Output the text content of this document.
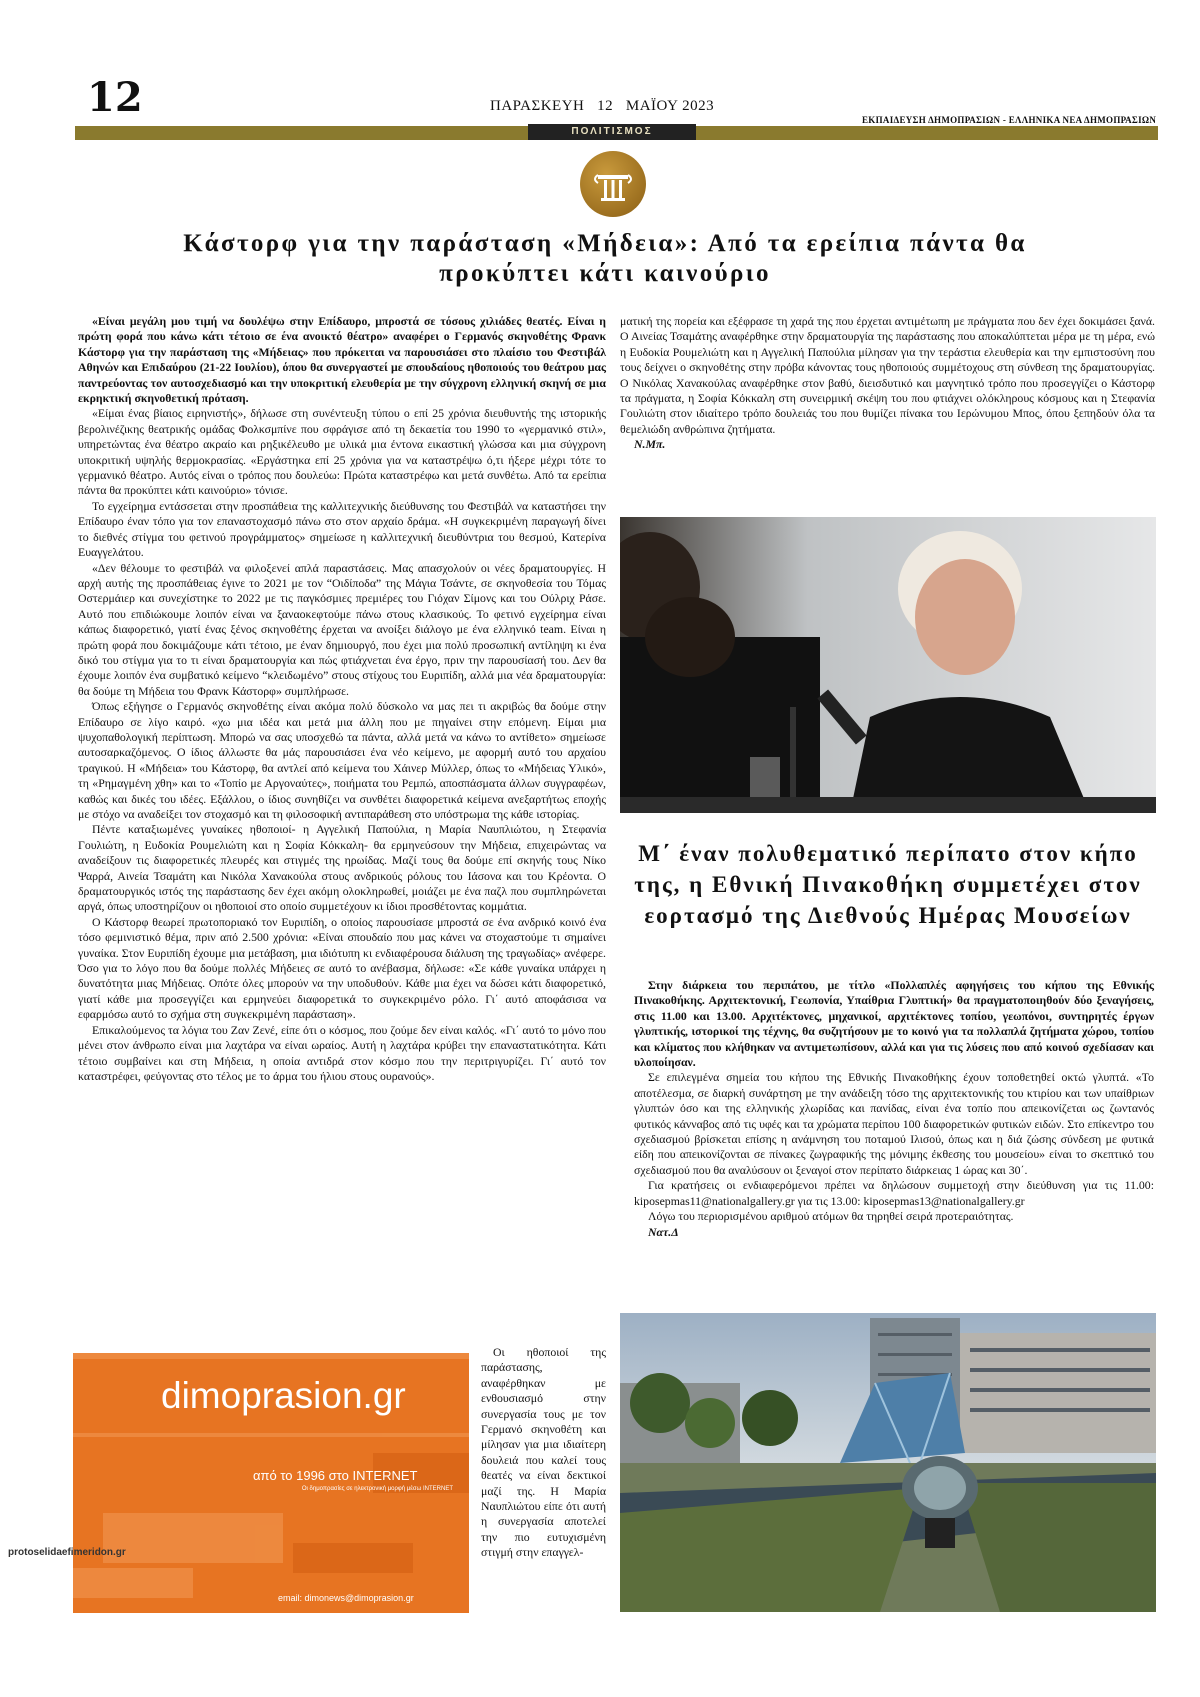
12	ΠΑΡΑΣΚΕΥΗ   12   ΜΑΪΟΥ 2023
ΕΚΠΑΙΔΕΥΣΗ ΔΗΜΟΠΡΑΣΙΩΝ - ΕΛΛΗΝΙΚΑ ΝΕΑ ΔΗΜΟΠΡΑΣΙΩΝ
ΠΟΛΙΤΙΣΜΟΣ
Κάστορφ για την παράσταση «Μήδεια»: Από τα ερείπια πάντα θα προκύπτει κάτι καινούριο

«Είναι μεγάλη μου τιμή να δουλέψω στην Επίδαυρο, μπροστά σε τόσους χιλιάδες θεατές. Είναι η πρώτη φορά που κάνω κάτι τέτοιο σε ένα ανοικτό θέατρο» αναφέρει ο Γερμανός σκηνοθέτης Φρανκ Κάστορφ για την παράσταση της «Μήδειας» που πρόκειται να παρουσιάσει στο πλαίσιο του Φεστιβάλ Αθηνών και Επιδαύρου (21-22 Ιουλίου), όπου θα συνεργαστεί με σπουδαίους ηθοποιούς του θεάτρου μας παντρεύοντας τον αυτοσχεδιασμό και την υποκριτική ελευθερία με την σύγχρονη ελληνική σκηνή σε μια εκρηκτική σκηνοθετική πρόταση.

«Είμαι ένας βίαιος ειρηνιστής», δήλωσε στη συνέντευξη τύπου ο επί 25 χρόνια διευθυντής της ιστορικής βερολινέζικης θεατρικής ομάδας Φολκσμπίνε που σφράγισε από τη δεκαετία του 1990 το «γερμανικό στιλ», υπηρετώντας ένα θέατρο ακραίο και ρηξικέλευθο με υλικά μια έντονα εικαστική γλώσσα και μια σύγχρονη υποκριτική υψηλής θερμοκρασίας. «Εργάστηκα επί 25 χρόνια για να καταστρέψω ό,τι ήξερε μέχρι τότε το γερμανικό θέατρο. Αυτός είναι ο τρόπος που δουλεύω: Πρώτα καταστρέφω και μετά συνθέτω. Από τα ερείπια πάντα θα προκύπτει κάτι καινούριο» τόνισε.

Το εγχείρημα εντάσσεται στην προσπάθεια της καλλιτεχνικής διεύθυνσης του Φεστιβάλ να καταστήσει την Επίδαυρο έναν τόπο για τον επαναστοχασμό πάνω στο στον αρχαίο δράμα. «Η συγκεκριμένη παραγωγή δίνει το διεθνές στίγμα του φετινού προγράμματος» σημείωσε η καλλιτεχνική διευθύντρια του θεσμού, Κατερίνα Ευαγγελάτου.

«Δεν θέλουμε το φεστιβάλ να φιλοξενεί απλά παραστάσεις. Μας απασχολούν οι νέες δραματουργίες. Η αρχή αυτής της προσπάθειας έγινε το 2021 με τον “Οιδίποδα” της Μάγια Τσάντε, σε σκηνοθεσία του Τόμας Οστερμάιερ και συνεχίστηκε το 2022 με τις παγκόσμιες πρεμιέρες του Γιόχαν Σίμονς και του Ούλριχ Ράσε. Αυτό που επιδιώκουμε λοιπόν είναι να ξαναοκεφτούμε πάνω στους κλασικούς. Το φετινό εγχείρημα είναι κάπως διαφορετικό, γιατί ένας ξένος σκηνοθέτης έρχεται να ανοίξει διάλογο με ένα ελληνικό team. Είναι η πρώτη φορά που δοκιμάζουμε κάτι τέτοιο, με έναν δημιουργό, που έχει μια πολύ προσωπική αντίληψη κι ένα δικό του στίγμα για το τι είναι δραματουργία και πώς φτιάχνεται ένα έργο, πριν την παρουσίασή του. Δεν θα έχουμε λοιπόν ένα συμβατικό κείμενο “κλειδωμένο” στους στίχους του Ευριπίδη, αλλά μια νέα δραματουργία: θα δούμε τη Μήδεια του Φρανκ Κάστορφ» συμπλήρωσε.

Όπως εξήγησε ο Γερμανός σκηνοθέτης είναι ακόμα πολύ δύσκολο να μας πει τι ακριβώς θα δούμε στην Επίδαυρο σε λίγο καιρό. «χω μια ιδέα και μετά μια άλλη που με πηγαίνει στην επόμενη. Είμαι μια ψυχοπαθολογική περίπτωση. Μπορώ να σας υποσχεθώ τα πάντα, αλλά μετά να κάνω το αντίθετο» σημείωσε αυτοσαρκαζόμενος. Ο ίδιος άλλωστε θα μάς παρουσιάσει ένα νέο κείμενο, με αφορμή αυτό του αρχαίου τραγικού. Η «Μήδεια» του Κάστορφ, θα αντλεί από κείμενα του Χάινερ Μύλλερ, όπως το «Μήδειας Υλικό», τη «Ρημαγμένη χθη» και το «Τοπίο με Αργοναύτες», ποιήματα του Ρεμπώ, αποσπάσματα άλλων συγγραφέων, καθώς και δικές του ιδέες. Εξάλλου, ο ίδιος συνηθίζει να συνθέτει διαφορετικά κείμενα ανεξαρτήτως εποχής με στόχο να αναδείξει τον στοχασμό και τη φιλοσοφική αντιπαράθεση στο υπόστρωμα της κάθε ιστορίας.

Πέντε καταξιωμένες γυναίκες ηθοποιοί- η Αγγελική Παπούλια, η Μαρία Ναυπλιώτου, η Στεφανία Γουλιώτη, η Ευδοκία Ρουμελιώτη και η Σοφία Κόκκαλη- θα ερμηνεύσουν την Μήδεια, επιχειρώντας να αναδείξουν τις διαφορετικές πλευρές και στιγμές της ηρωίδας. Μαζί τους θα δούμε επί σκηνής τους Νίκο Ψαρρά, Αινεία Τσαμάτη και Νικόλα Χανακούλα στους ανδρικούς ρόλους του Ιάσονα και του Κρέοντα. Ο δραματουργικός ιστός της παράστασης δεν έχει ακόμη ολοκληρωθεί, μοιάζει με ένα παζλ που συμπληρώνεται αργά, όπως υποστηρίζουν οι ηθοποιοί στο οποίο συμμετέχουν κι ίδιοι προσθέτοντας κομμάτια.

Ο Κάστορφ θεωρεί πρωτοποριακό τον Ευριπίδη, ο οποίος παρουσίασε μπροστά σε ένα ανδρικό κοινό ένα τόσο φεμινιστικό θέμα, πριν από 2.500 χρόνια: «Είναι σπουδαίο που μας κάνει να στοχαστούμε τι σημαίνει γυναίκα. Στον Ευριπίδη έχουμε μια μετάβαση, μια ιδιότυπη κι ενδιαφέρουσα διάλυση της τραγωδίας» ανέφερε. Όσο για το λόγο που θα δούμε πολλές Μήδειες σε αυτό το ανέβασμα, δήλωσε: «Σε κάθε γυναίκα υπάρχει η δυνατότητα μιας Μήδειας. Οπότε όλες μπορούν να την υποδυθούν. Κάθε μια έχει να δώσει κάτι διαφορετικό, γιατί κάθε μια προσεγγίζει και ερμηνεύει διαφορετικά το συγκεκριμένο ρόλο. Γι΄ αυτό αποφάσισα να εφαρμόσω αυτό το σχήμα στη συγκεκριμένη παράσταση».

Επικαλούμενος τα λόγια του Ζαν Ζενέ, είπε ότι ο κόσμος, που ζούμε δεν είναι καλός. «Γι΄ αυτό το μόνο που μένει στον άνθρωπο είναι μια λαχτάρα να είναι ωραίος. Αυτή η λαχτάρα κρύβει την επαναστατικότητα. Κάτι τέτοιο συμβαίνει και στη Μήδεια, η οποία αντιδρά στον κόσμο που την περιτριγυρίζει. Γι΄ αυτό τον καταστρέφει, φεύγοντας στο τέλος με το άρμα του ήλιου στους ουρανούς».

ματική της πορεία και εξέφρασε τη χαρά της που έρχεται αντιμέτωπη με πράγματα που δεν έχει δοκιμάσει ξανά. Ο Αινείας Τσαμάτης αναφέρθηκε στην δραματουργία της παράστασης που αποκαλύπτεται μέρα με τη μέρα, ενώ η Ευδοκία Ρουμελιώτη και η Αγγελική Παπούλια μίλησαν για την τεράστια ελευθερία και την εμπιστοσύνη που τους δείχνει ο σκηνοθέτης στην πρόβα κάνοντας τους ηθοποιούς συμμέτοχους στη σύνθεση της δραματουργίας. Ο Νικόλας Χανακούλας αναφέρθηκε στον βαθύ, διεισδυτικό και μαγνητικό τρόπο που προσεγγίζει ο Κάστορφ τα πράγματα, η Σοφία Κόκκαλη στη συνειρμική σκέψη του που φτιάχνει ολόκληρους κόσμους και η Στεφανία Γουλιώτη στον ιδιαίτερο τρόπο δουλειάς του που θυμίζει πίνακα του Ιερώνυμου Μπος, όπου ξεπηδούν όλα τα θεμελιώδη ανθρώπινα ζητήματα.

Ν.Μπ.

Μ΄ έναν πολυθεματικό περίπατο στον κήπο της, η Εθνική Πινακοθήκη συμμετέχει στον εορτασμό της Διεθνούς Ημέρας Μουσείων

Στην διάρκεια του περιπάτου, με τίτλο «Πολλαπλές αφηγήσεις του κήπου της Εθνικής Πινακοθήκης. Αρχιτεκτονική, Γεωπονία, Υπαίθρια Γλυπτική» θα πραγματοποιηθούν δύο ξεναγήσεις, στις 11.00 και 13.00. Αρχιτέκτονες, μηχανικοί, αρχιτέκτονες τοπίου, γεωπόνοι, συντηρητές έργων γλυπτικής, ιστορικοί της τέχνης, θα συζητήσουν με το κοινό για τα πολλαπλά ζητήματα χώρου, τοπίου και κλίματος που κλήθηκαν να αντιμετωπίσουν, αλλά και για τις λύσεις που από κοινού σχεδίασαν και υλοποίησαν.

Σε επιλεγμένα σημεία του κήπου της Εθνικής Πινακοθήκης έχουν τοποθετηθεί οκτώ γλυπτά. «Το αποτέλεσμα, σε διαρκή συνάρτηση με την ανάδειξη τόσο της αρχιτεκτονικής του κτιρίου και των υπαίθριων γλυπτών όσο και της ελληνικής χλωρίδας και πανίδας, είναι ένα τοπίο που απεικονίζεται ως ζωντανός φυτικός κάνναβος από τις υφές και τα χρώματα περίπου 100 διαφορετικών φυτικών ειδών. Στο επίκεντρο του σχεδιασμού βρίσκεται επίσης η ανάμνηση του ποταμού Ιλισού, όπως και η διά ζώσης σύνδεση με φυτικά είδη που απεικονίζονται σε πίνακες ζωγραφικής της μόνιμης έκθεσης του μουσείου» είναι το σκεπτικό του σχεδιασμού που θα αναλύσουν οι ξεναγοί στον περίπατο διάρκειας 1 ώρας και 30΄.

Για κρατήσεις οι ενδιαφερόμενοι πρέπει να δηλώσουν συμμετοχή στην διεύθυνση για τις 11.00: kiposepmas11@nationalgallery.gr για τις 13.00: kiposepmas13@nationalgallery.gr

Λόγω του περιορισμένου αριθμού ατόμων θα τηρηθεί σειρά προτεραιότητας.

Νατ.Δ

dimoprasion.gr
από το 1996 στο INTERNET
Οι δημοπρασίες σε ηλεκτρονική μορφή μέσω INTERNET
email: dimonews@dimoprasion.gr

Οι ηθοποιοί της παράστασης, αναφέρθηκαν με ενθουσιασμό στην συνεργασία τους με τον Γερμανό σκηνοθέτη και μίλησαν για μια ιδιαίτερη δουλειά που καλεί τους θεατές να είναι δεκτικοί μαζί της. Η Μαρία Ναυπλιώτου είπε ότι αυτή η συνεργασία αποτελεί την πιο ευτυχισμένη στιγμή στην επαγγελ-

protoselidaefimeridon.gr
